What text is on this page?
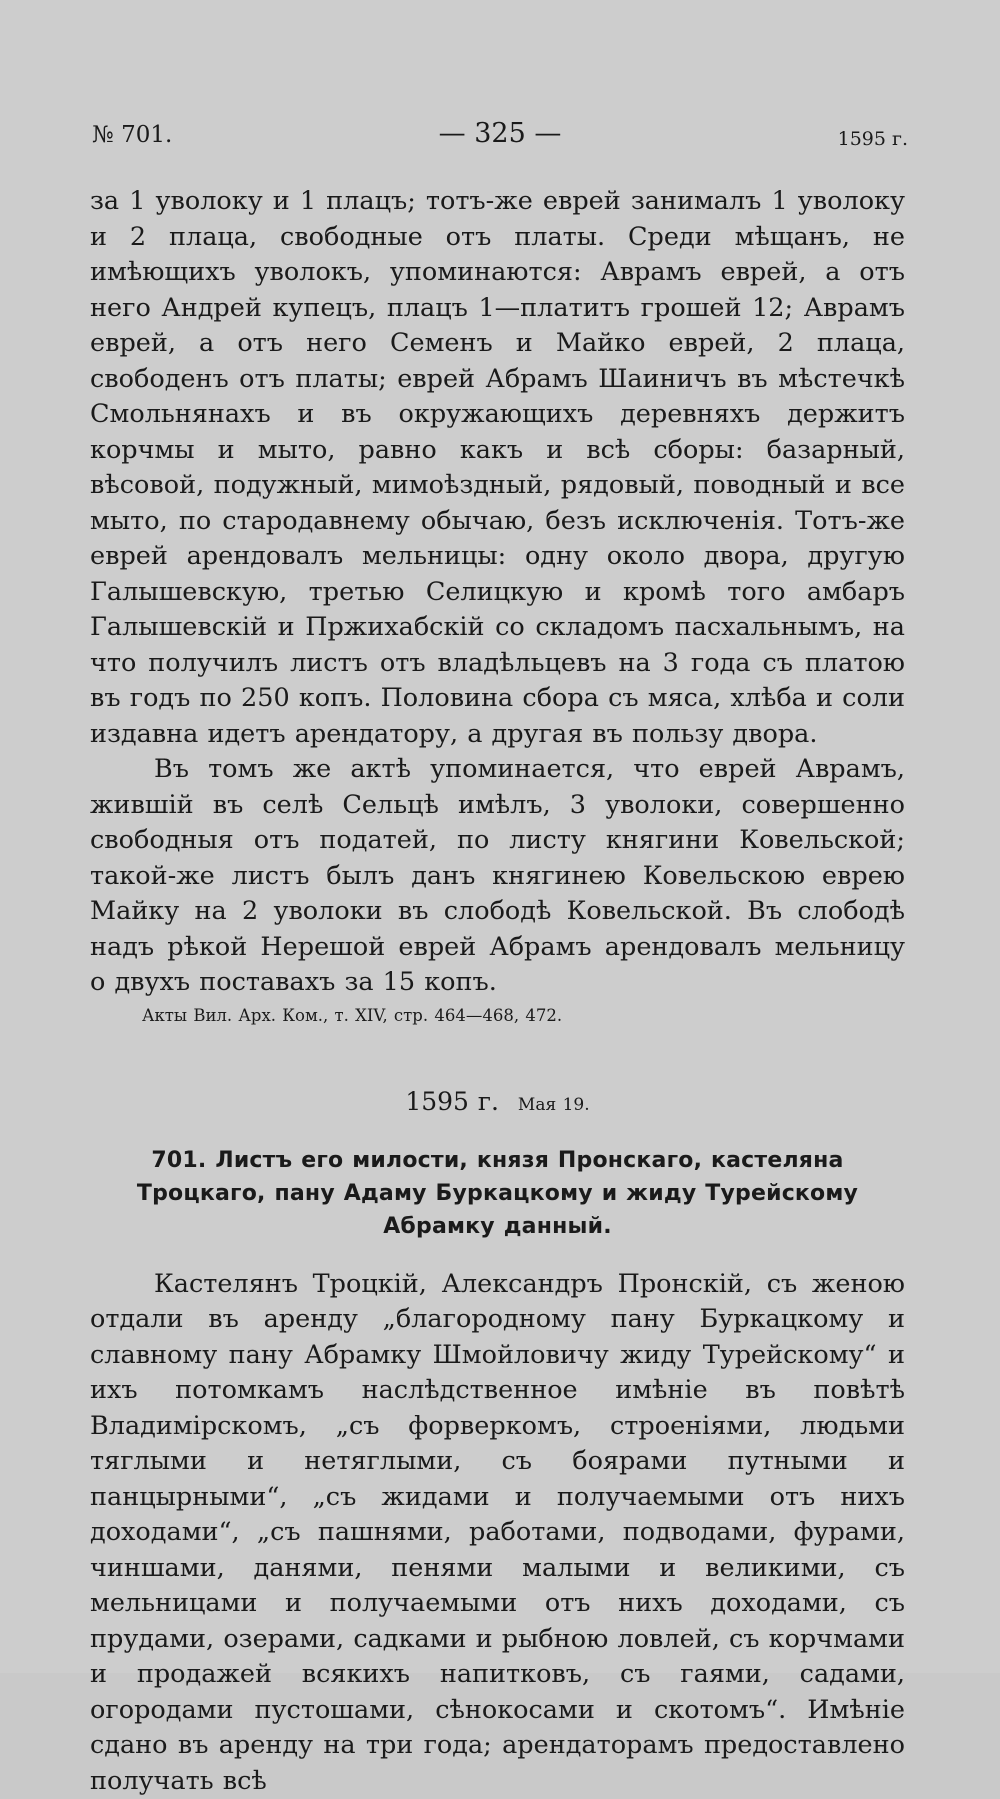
№ 701.	— 325 —	1595 г.

за 1 уволоку и 1 плацъ; тотъ-же еврей занималъ 1 уволоку и 2 плаца, свободные отъ платы. Среди мѣщанъ, не имѣющихъ уволокъ, упоминаются: Аврамъ еврей, а отъ него Андрей купецъ, плацъ 1—платитъ грошей 12; Аврамъ еврей, а отъ него Семенъ и Майко еврей, 2 плаца, свободенъ отъ платы; еврей Абрамъ Шаиничъ въ мѣстечкѣ Смольнянахъ и въ окружающихъ деревняхъ держитъ корчмы и мыто, равно какъ и всѣ сборы: базарный, вѣсовой, подужный, мимоѣздный, рядовый, поводный и все мыто, по стародавнему обычаю, безъ исключенія. Тотъ-же еврей арендовалъ мельницы: одну около двора, другую Галышевскую, третью Селицкую и кромѣ того амбаръ Галышевскій и Пржихабскій со складомъ пасхальнымъ, на что получилъ листъ отъ владѣльцевъ на 3 года съ платою въ годъ по 250 копъ. Половина сбора съ мяса, хлѣба и соли издавна идетъ арендатору, а другая въ пользу двора.

Въ томъ же актѣ упоминается, что еврей Аврамъ, жившій въ селѣ Сельцѣ имѣлъ, 3 уволоки, совершенно свободныя отъ податей, по листу княгини Ковельской; такой-же листъ былъ данъ княгинею Ковельскою еврею Майку на 2 уволоки въ слободѣ Ковельской. Въ слободѣ надъ рѣкой Нерешой еврей Абрамъ арендовалъ мельницу о двухъ поставахъ за 15 копъ.

Акты Вил. Арх. Ком., т. XIV, стр. 464—468, 472.

1595 г. Мая 19.

701. Листъ его милости, князя Пронскаго, кастеляна Троцкаго, пану Адаму Буркацкому и жиду Турейскому Абрамку данный.

Кастелянъ Троцкій, Александръ Пронскій, съ женою отдали въ аренду „благородному пану Буркацкому и славному пану Абрамку Шмойловичу жиду Турейскому“ и ихъ потомкамъ наслѣдственное имѣніе въ повѣтѣ Владимірскомъ, „съ форверкомъ, строеніями, людьми тяглыми и нетяглыми, съ боярами путными и панцырными“, „съ жидами и получаемыми отъ нихъ доходами“, „съ пашнями, работами, подводами, фурами, чиншами, данями, пенями малыми и великими, съ мельницами и получаемыми отъ нихъ доходами, съ прудами, озерами, садками и рыбною ловлей, съ корчмами и продажей всякихъ напитковъ, съ гаями, садами, огородами пустошами, сѣнокосами и скотомъ“. Имѣніе сдано въ аренду на три года; арендаторамъ предоставлено получать всѣ
